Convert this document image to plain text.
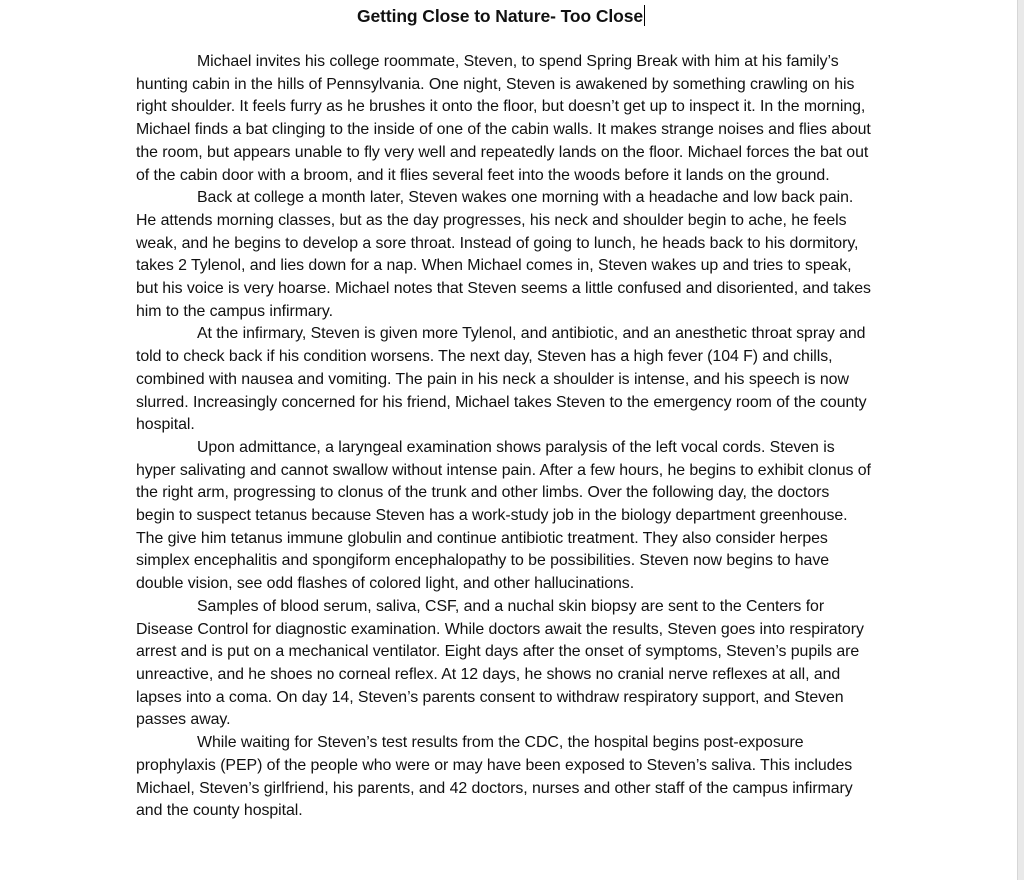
Getting Close to Nature- Too Close

Michael invites his college roommate, Steven, to spend Spring Break with him at his family’s hunting cabin in the hills of Pennsylvania. One night, Steven is awakened by something crawling on his right shoulder. It feels furry as he brushes it onto the floor, but doesn’t get up to inspect it. In the morning, Michael finds a bat clinging to the inside of one of the cabin walls. It makes strange noises and flies about the room, but appears unable to fly very well and repeatedly lands on the floor. Michael forces the bat out of the cabin door with a broom, and it flies several feet into the woods before it lands on the ground.

Back at college a month later, Steven wakes one morning with a headache and low back pain. He attends morning classes, but as the day progresses, his neck and shoulder begin to ache, he feels weak, and he begins to develop a sore throat. Instead of going to lunch, he heads back to his dormitory, takes 2 Tylenol, and lies down for a nap. When Michael comes in, Steven wakes up and tries to speak, but his voice is very hoarse. Michael notes that Steven seems a little confused and disoriented, and takes him to the campus infirmary.

At the infirmary, Steven is given more Tylenol, and antibiotic, and an anesthetic throat spray and told to check back if his condition worsens. The next day, Steven has a high fever (104 F) and chills, combined with nausea and vomiting. The pain in his neck a shoulder is intense, and his speech is now slurred. Increasingly concerned for his friend, Michael takes Steven to the emergency room of the county hospital.

Upon admittance, a laryngeal examination shows paralysis of the left vocal cords. Steven is hyper salivating and cannot swallow without intense pain. After a few hours, he begins to exhibit clonus of the right arm, progressing to clonus of the trunk and other limbs. Over the following day, the doctors begin to suspect tetanus because Steven has a work-study job in the biology department greenhouse. The give him tetanus immune globulin and continue antibiotic treatment. They also consider herpes simplex encephalitis and spongiform encephalopathy to be possibilities. Steven now begins to have double vision, see odd flashes of colored light, and other hallucinations.

Samples of blood serum, saliva, CSF, and a nuchal skin biopsy are sent to the Centers for Disease Control for diagnostic examination. While doctors await the results, Steven goes into respiratory arrest and is put on a mechanical ventilator. Eight days after the onset of symptoms, Steven’s pupils are unreactive, and he shoes no corneal reflex. At 12 days, he shows no cranial nerve reflexes at all, and lapses into a coma. On day 14, Steven’s parents consent to withdraw respiratory support, and Steven passes away.

While waiting for Steven’s test results from the CDC, the hospital begins post-exposure prophylaxis (PEP) of the people who were or may have been exposed to Steven’s saliva. This includes Michael, Steven’s girlfriend, his parents, and 42 doctors, nurses and other staff of the campus infirmary and the county hospital.
